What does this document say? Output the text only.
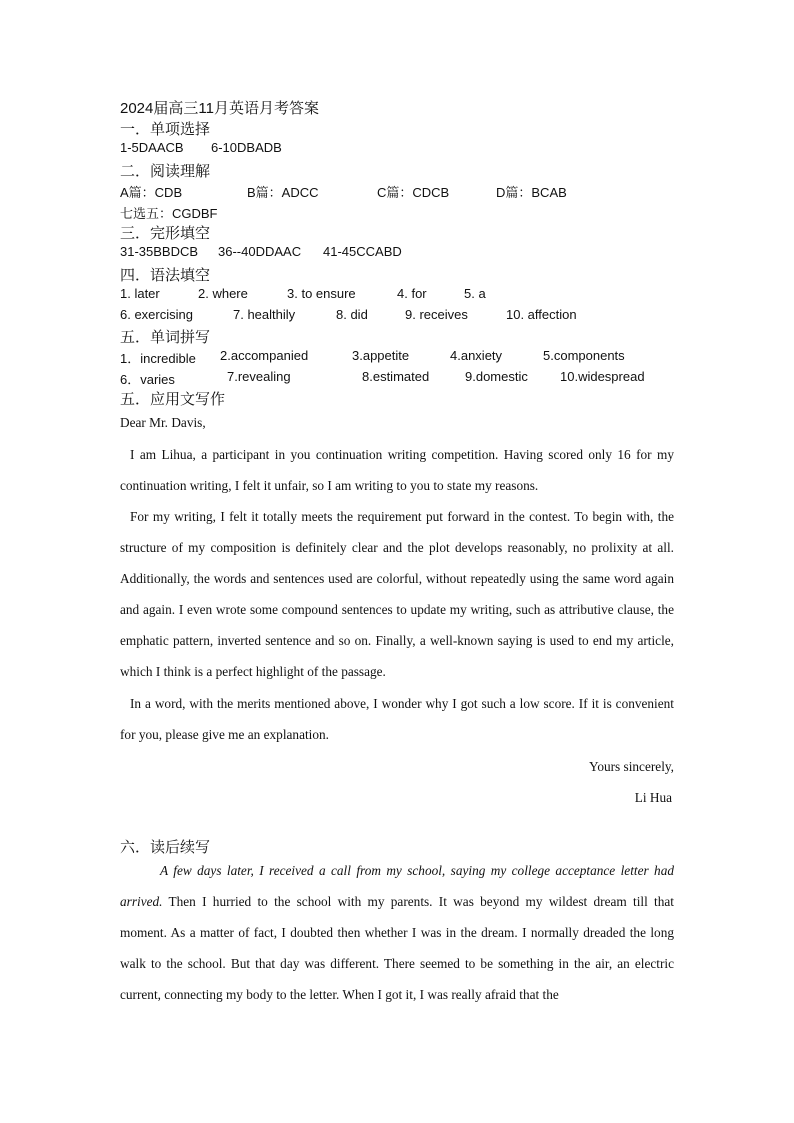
2024届高三11月英语月考答案
一．单项选择
1-5DAACB 6-10DBADB
二．阅读理解
A篇：CDB	B篇：ADCC	C篇：CDCB	D篇：BCAB
七选五：CGDBF
三．完形填空
31-35BBDCB 36--40DDAAC 41-45CCABD
四．语法填空
1. later	2. where	3. to ensure	4. for	5. a
6. exercising	7. healthily	8. did	9. receives	10. affection
五．单词拼写
1．incredible 2.accompanied	3.appetite	4.anxiety	5.components
6．varies	7.revealing	8.estimated	9.domestic 10.widespread
五．应用文写作
Dear Mr. Davis,
I am Lihua, a participant in you continuation writing competition. Having scored only 16 for my continuation writing, I felt it unfair, so I am writing to you to state my reasons.
For my writing, I felt it totally meets the requirement put forward in the contest. To begin with, the structure of my composition is definitely clear and the plot develops reasonably, no prolixity at all. Additionally, the words and sentences used are colorful, without repeatedly using the same word again and again. I even wrote some compound sentences to update my writing, such as attributive clause, the emphatic pattern, inverted sentence and so on. Finally, a well-known saying is used to end my article, which I think is a perfect highlight of the passage.
In a word, with the merits mentioned above, I wonder why I got such a low score. If it is convenient for you, please give me an explanation.
Yours sincerely,
Li Hua
六．读后续写
A few days later, I received a call from my school, saying my college acceptance letter had arrived. Then I hurried to the school with my parents. It was beyond my wildest dream till that moment. As a matter of fact, I doubted then whether I was in the dream. I normally dreaded the long walk to the school. But that day was different. There seemed to be something in the air, an electric current, connecting my body to the letter. When I got it, I was really afraid that the
